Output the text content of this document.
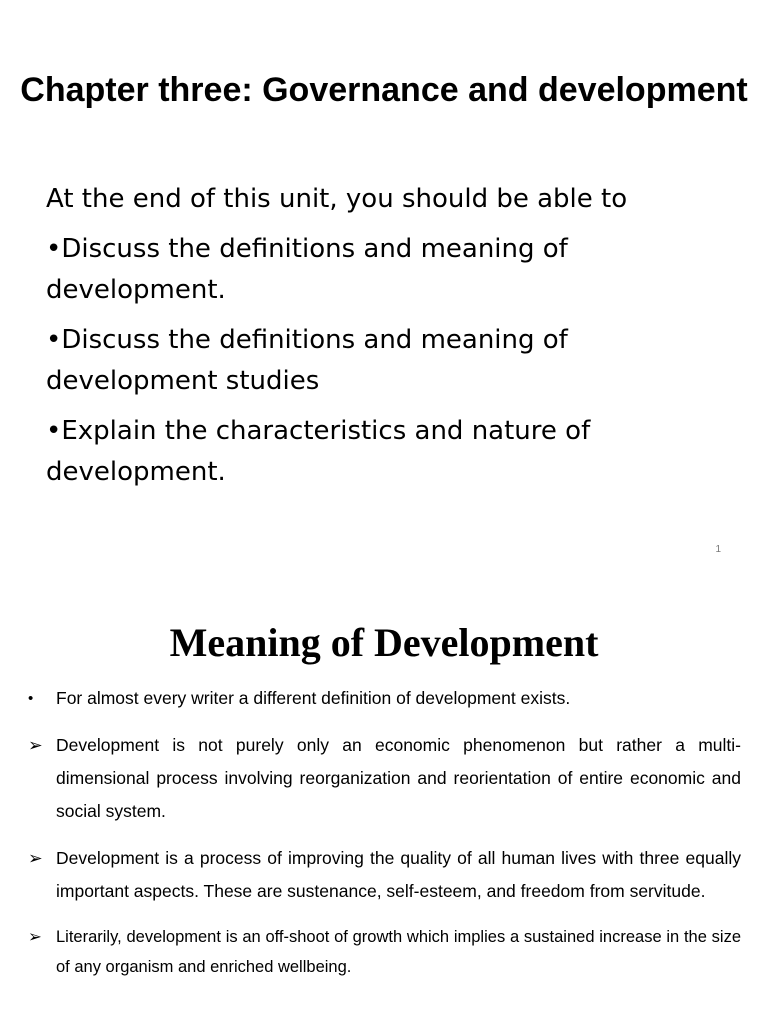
Chapter three: Governance and development

At the end of this unit, you should be able to

•Discuss the definitions and meaning of development.

•Discuss the definitions and meaning of development studies

•Explain the characteristics and nature of development.

1
Meaning of Development
•	For almost every writer a different definition of development exists.
➢ Development is not purely only an economic phenomenon but rather a multi-dimensional process involving reorganization and reorientation of entire economic and social system.
➢ Development is a process of improving the quality of all human lives with three equally important aspects. These are sustenance, self-esteem, and freedom from servitude.
➢ Literarily, development is an off-shoot of growth which implies a sustained increase in the size of any organism and enriched wellbeing.
